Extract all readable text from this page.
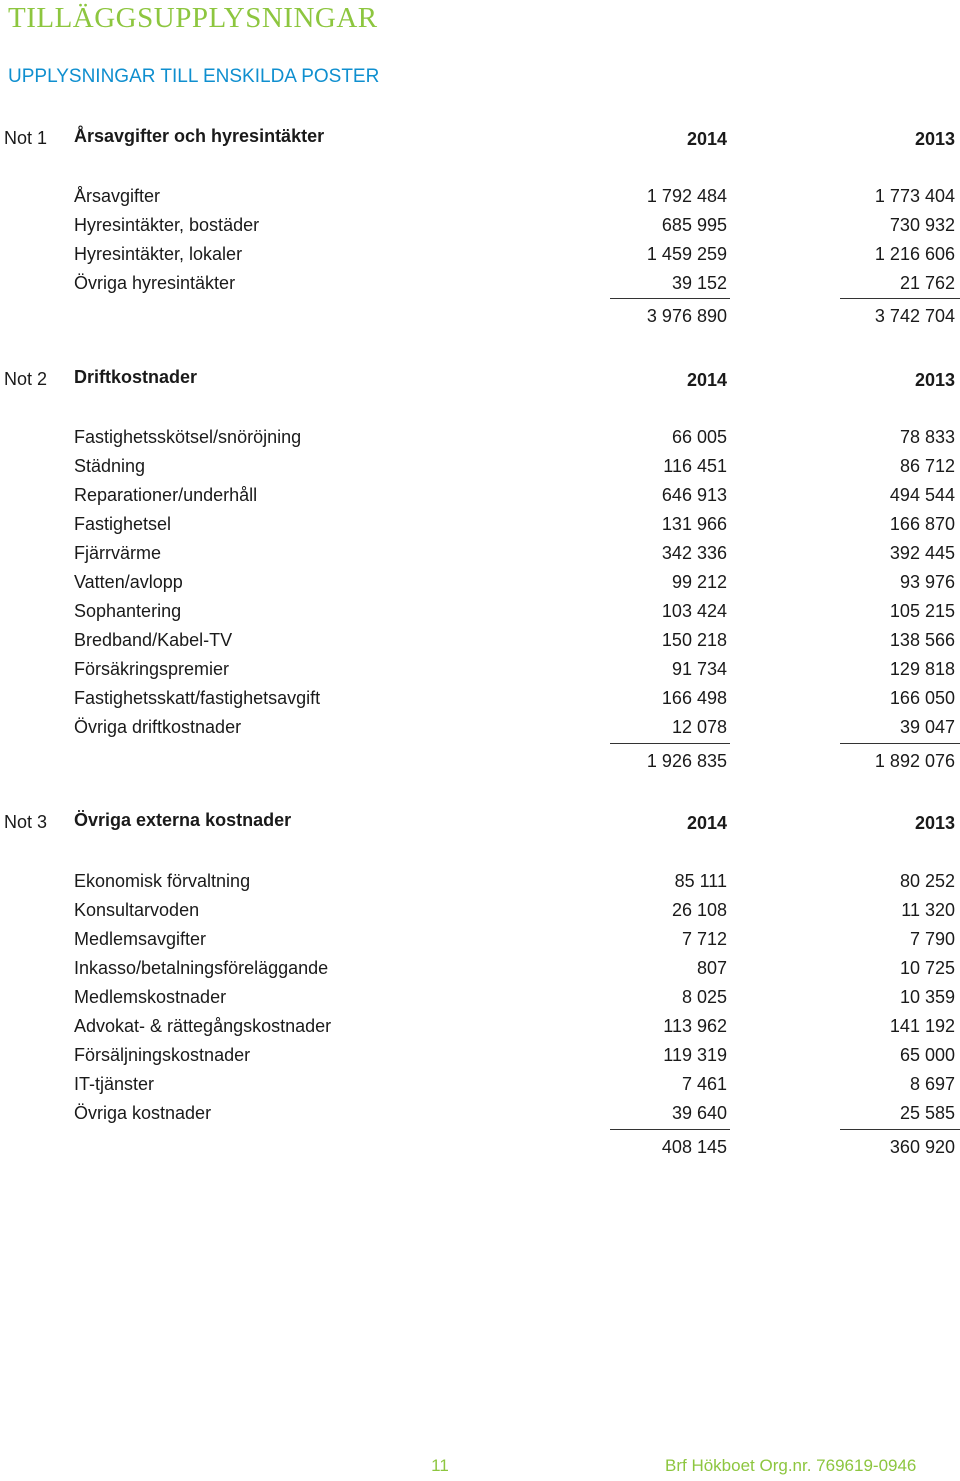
TILLÄGGSUPPLYSNINGAR
UPPLYSNINGAR TILL ENSKILDA POSTER
Not 1 Årsavgifter och hyresintäkter	2014	2013
Årsavgifter	1 792 484	1 773 404
Hyresintäkter, bostäder	685 995	730 932
Hyresintäkter, lokaler	1 459 259	1 216 606
Övriga hyresintäkter	39 152	21 762
3 976 890	3 742 704
Not 2 Driftkostnader	2014	2013
Fastighetsskötsel/snöröjning	66 005	78 833
Städning	116 451	86 712
Reparationer/underhåll	646 913	494 544
Fastighetsel	131 966	166 870
Fjärrvärme	342 336	392 445
Vatten/avlopp	99 212	93 976
Sophantering	103 424	105 215
Bredband/Kabel-TV	150 218	138 566
Försäkringspremier	91 734	129 818
Fastighetsskatt/fastighetsavgift	166 498	166 050
Övriga driftkostnader	12 078	39 047
1 926 835	1 892 076
Not 3 Övriga externa kostnader	2014	2013
Ekonomisk förvaltning	85 111	80 252
Konsultarvoden	26 108	11 320
Medlemsavgifter	7 712	7 790
Inkasso/betalningsföreläggande	807	10 725
Medlemskostnader	8 025	10 359
Advokat- & rättegångskostnader	113 962	141 192
Försäljningskostnader	119 319	65 000
IT-tjänster	7 461	8 697
Övriga kostnader	39 640	25 585
408 145	360 920
11	Brf Hökboet Org.nr. 769619-0946
